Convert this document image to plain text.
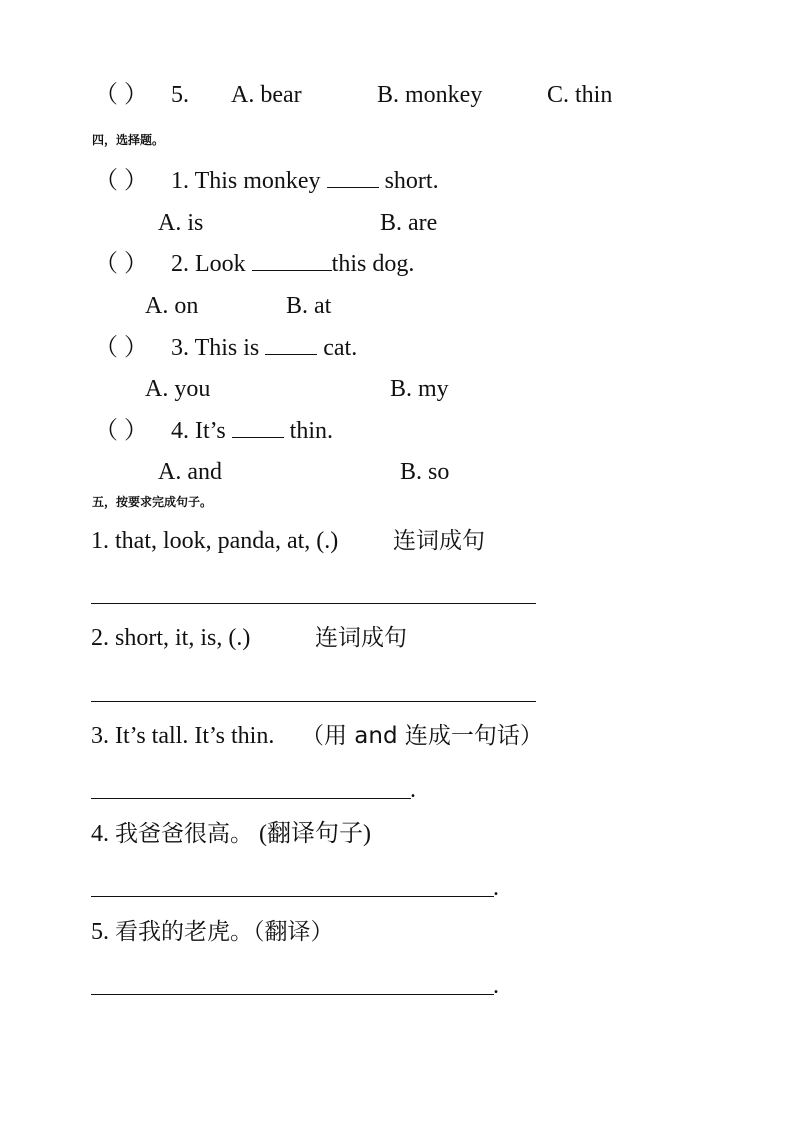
（ ） 5. A. bear	B. monkey	C. thin
四，选择题。
（ ） 1. This monkey  short.
A. is	B. are
（ ） 2. Look	this dog.
A. on	B. at
（ ） 3. This is  cat.
A. you	B. my
（ ） 4. It’s  thin.
A. and	B. so
五，按要求完成句子。
1. that, look, panda, at, (.) 连词成句
2. short, it, is, (.)	连词成句
3. It’s tall. It’s thin. （用 and 连成一句话）
.
4. 我爸爸很高。 (翻译句子)
.
5. 看我的老虎。（翻译）
.
